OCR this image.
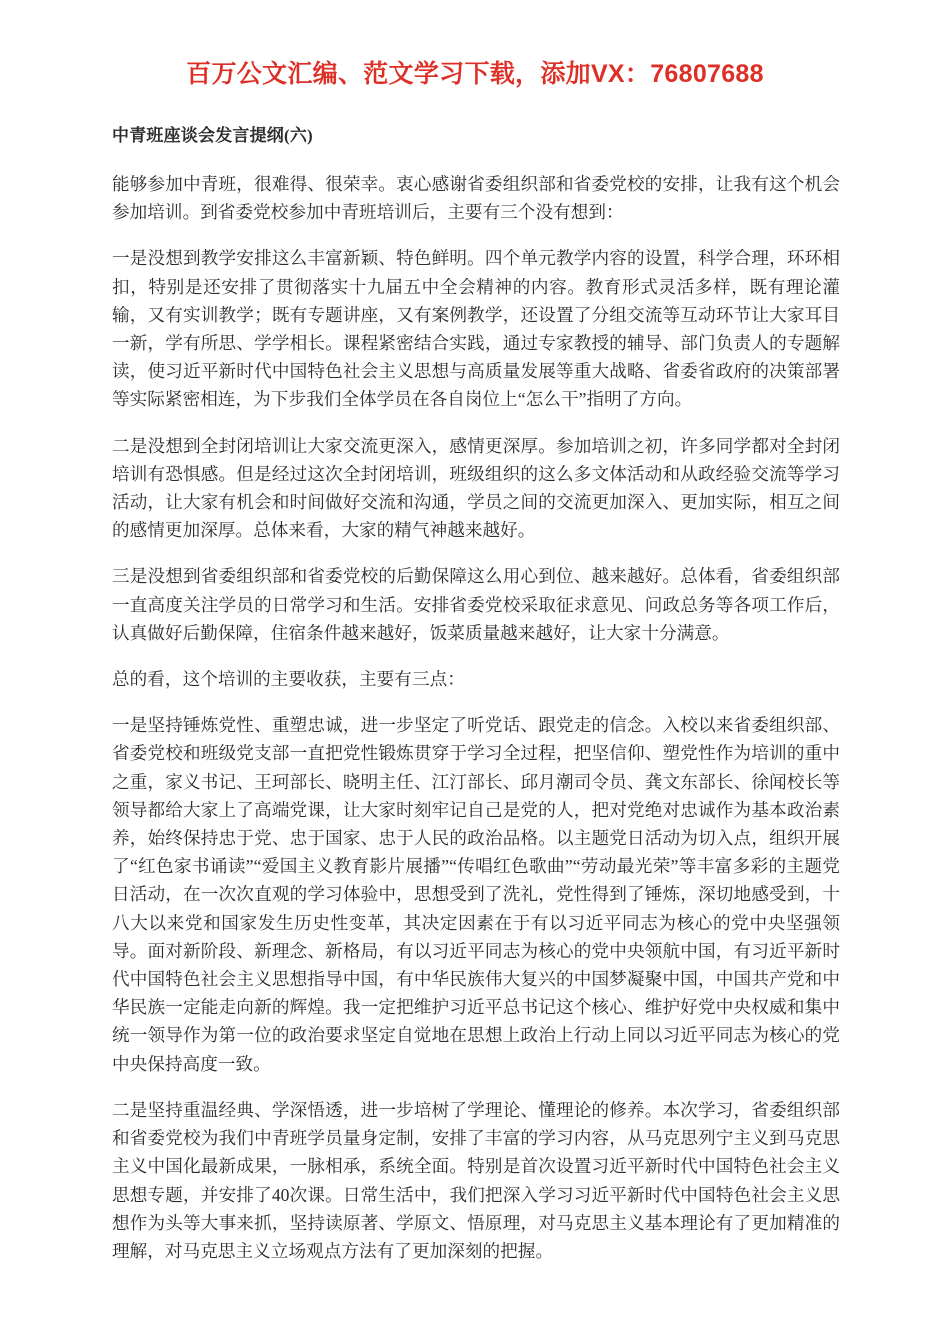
百万公文汇编、范文学习下载，添加VX：76807688
中青班座谈会发言提纲(六)

能够参加中青班，很难得、很荣幸。衷心感谢省委组织部和省委党校的安排，让我有这个机会参加培训。到省委党校参加中青班培训后，主要有三个没有想到：

一是没想到教学安排这么丰富新颖、特色鲜明。四个单元教学内容的设置，科学合理，环环相扣，特别是还安排了贯彻落实十九届五中全会精神的内容。教育形式灵活多样，既有理论灌输，又有实训教学；既有专题讲座，又有案例教学，还设置了分组交流等互动环节让大家耳目一新，学有所思、学学相长。课程紧密结合实践，通过专家教授的辅导、部门负责人的专题解读，使习近平新时代中国特色社会主义思想与高质量发展等重大战略、省委省政府的决策部署等实际紧密相连，为下步我们全体学员在各自岗位上“怎么干”指明了方向。

二是没想到全封闭培训让大家交流更深入，感情更深厚。参加培训之初，许多同学都对全封闭培训有恐惧感。但是经过这次全封闭培训，班级组织的这么多文体活动和从政经验交流等学习活动，让大家有机会和时间做好交流和沟通，学员之间的交流更加深入、更加实际，相互之间的感情更加深厚。总体来看，大家的精气神越来越好。

三是没想到省委组织部和省委党校的后勤保障这么用心到位、越来越好。总体看，省委组织部一直高度关注学员的日常学习和生活。安排省委党校采取征求意见、问政总务等各项工作后，认真做好后勤保障，住宿条件越来越好，饭菜质量越来越好，让大家十分满意。

总的看，这个培训的主要收获，主要有三点：

一是坚持锤炼党性、重塑忠诚，进一步坚定了听党话、跟党走的信念。入校以来省委组织部、省委党校和班级党支部一直把党性锻炼贯穿于学习全过程，把坚信仰、塑党性作为培训的重中之重，家义书记、王珂部长、晓明主任、江汀部长、邱月潮司令员、龚文东部长、徐闻校长等领导都给大家上了高端党课，让大家时刻牢记自己是党的人，把对党绝对忠诚作为基本政治素养，始终保持忠于党、忠于国家、忠于人民的政治品格。以主题党日活动为切入点，组织开展了“红色家书诵读”“爱国主义教育影片展播”“传唱红色歌曲”“劳动最光荣”等丰富多彩的主题党日活动，在一次次直观的学习体验中，思想受到了洗礼，党性得到了锤炼，深切地感受到，十八大以来党和国家发生历史性变革，其决定因素在于有以习近平同志为核心的党中央坚强领导。面对新阶段、新理念、新格局，有以习近平同志为核心的党中央领航中国，有习近平新时代中国特色社会主义思想指导中国，有中华民族伟大复兴的中国梦凝聚中国，中国共产党和中华民族一定能走向新的辉煌。我一定把维护习近平总书记这个核心、维护好党中央权威和集中统一领导作为第一位的政治要求坚定自觉地在思想上政治上行动上同以习近平同志为核心的党中央保持高度一致。

二是坚持重温经典、学深悟透，进一步培树了学理论、懂理论的修养。本次学习，省委组织部和省委党校为我们中青班学员量身定制，安排了丰富的学习内容，从马克思列宁主义到马克思主义中国化最新成果，一脉相承，系统全面。特别是首次设置习近平新时代中国特色社会主义思想专题，并安排了40次课。日常生活中，我们把深入学习习近平新时代中国特色社会主义思想作为头等大事来抓，坚持读原著、学原文、悟原理，对马克思主义基本理论有了更加精准的理解，对马克思主义立场观点方法有了更加深刻的把握。
